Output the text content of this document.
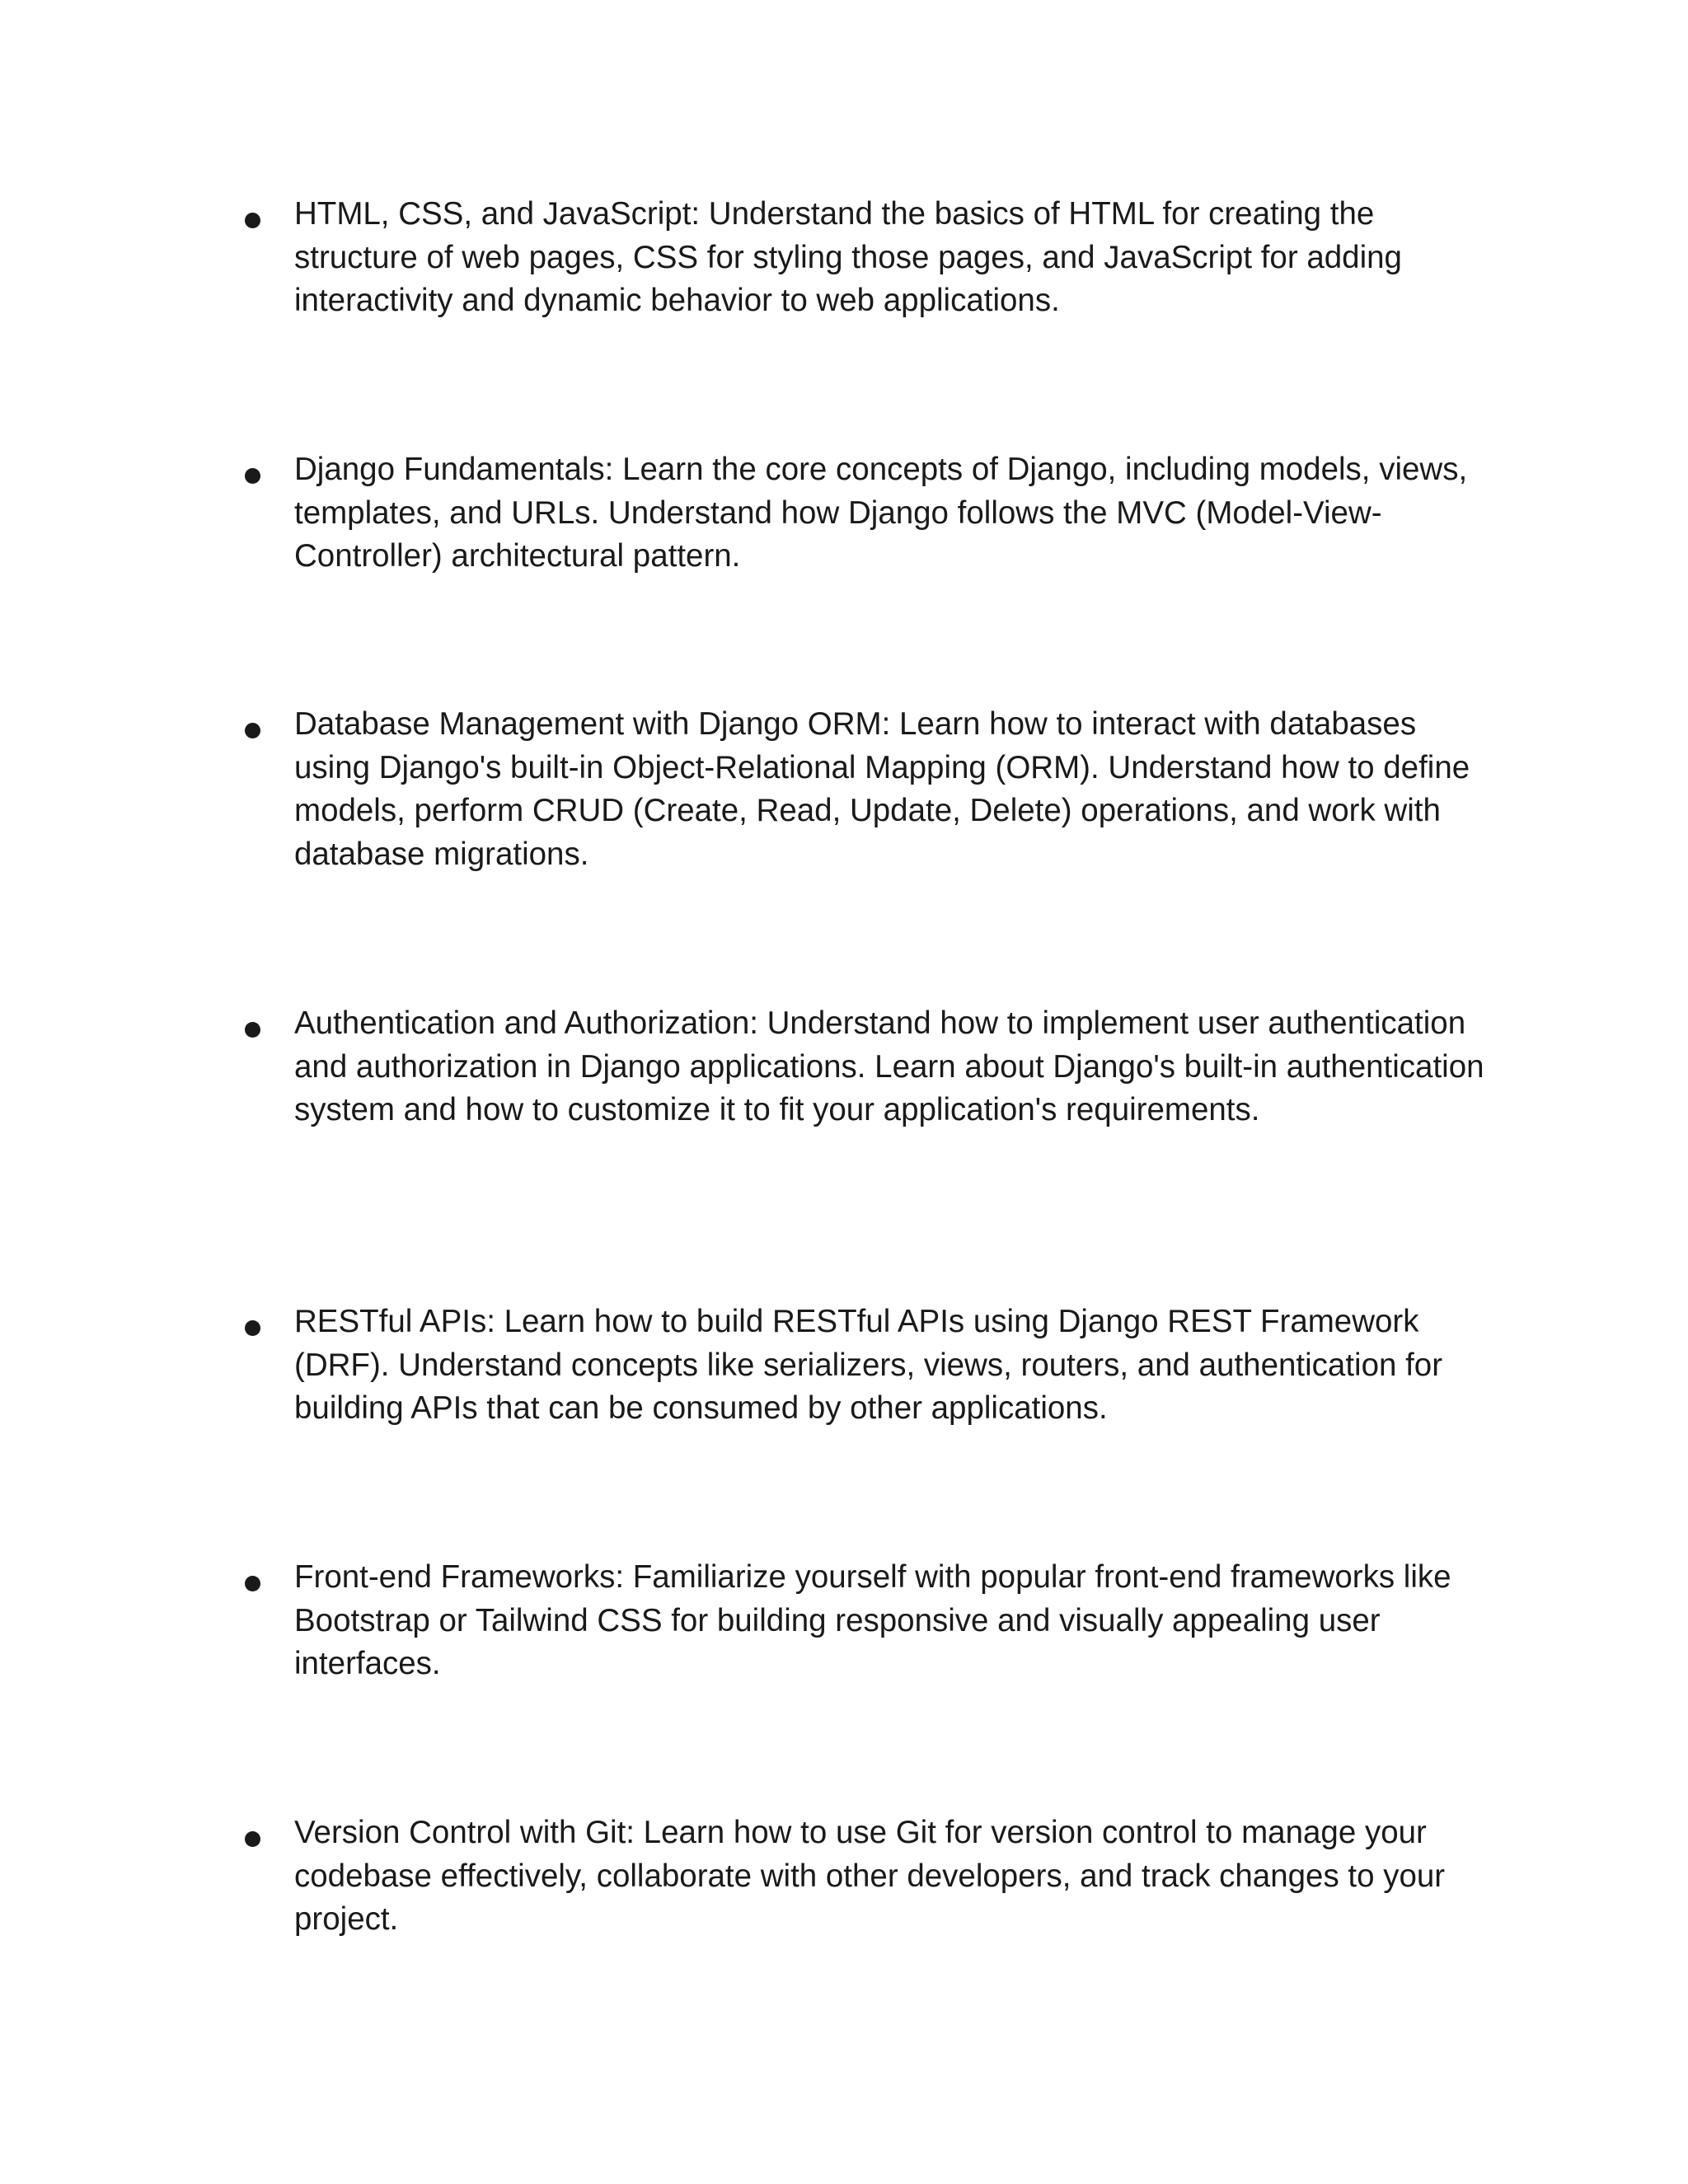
HTML, CSS, and JavaScript: Understand the basics of HTML for creating the structure of web pages, CSS for styling those pages, and JavaScript for adding interactivity and dynamic behavior to web applications.

Django Fundamentals: Learn the core concepts of Django, including models, views, templates, and URLs. Understand how Django follows the MVC (Model-View-Controller) architectural pattern.

Database Management with Django ORM: Learn how to interact with databases using Django's built-in Object-Relational Mapping (ORM). Understand how to define models, perform CRUD (Create, Read, Update, Delete) operations, and work with database migrations.

Authentication and Authorization: Understand how to implement user authentication and authorization in Django applications. Learn about Django's built-in authentication system and how to customize it to fit your application's requirements.

RESTful APIs: Learn how to build RESTful APIs using Django REST Framework (DRF). Understand concepts like serializers, views, routers, and authentication for building APIs that can be consumed by other applications.

Front-end Frameworks: Familiarize yourself with popular front-end frameworks like Bootstrap or Tailwind CSS for building responsive and visually appealing user interfaces.

Version Control with Git: Learn how to use Git for version control to manage your codebase effectively, collaborate with other developers, and track changes to your project.
